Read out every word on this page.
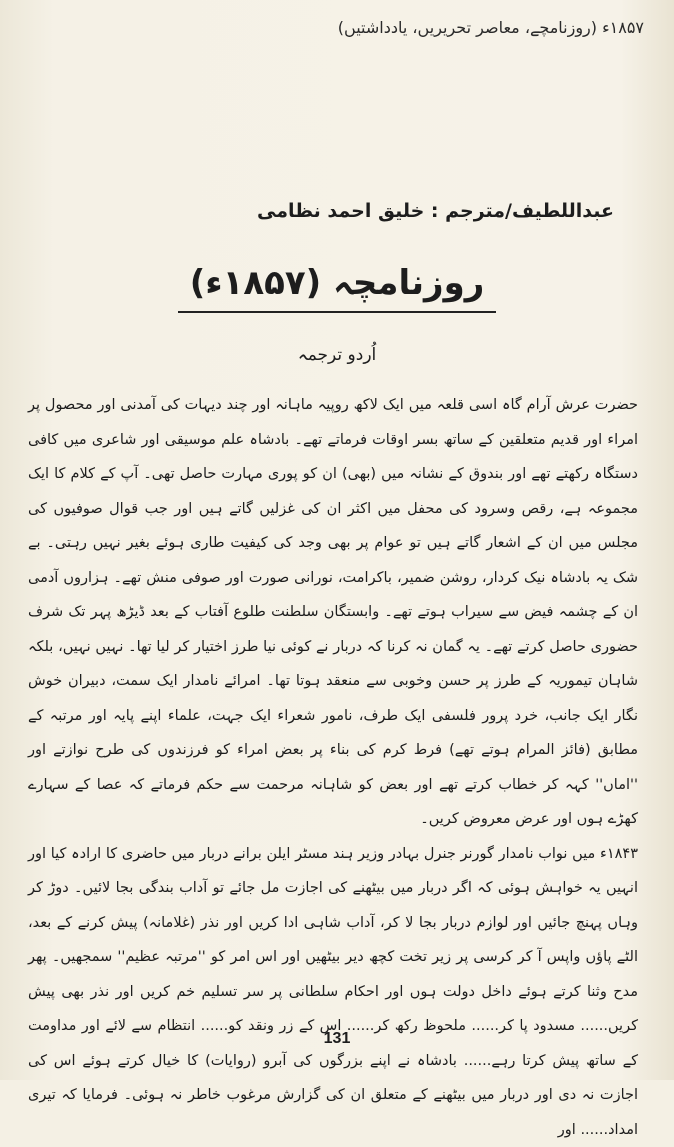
۱۸۵۷ء (روزنامچے، معاصر تحریریں، یادداشتیں)
عبداللطیف/مترجم : خلیق احمد نظامی
روزنامچہ (۱۸۵۷ء)
اُردو ترجمہ

حضرت عرش آرام گاہ اسی قلعہ میں ایک لاکھ روپیہ ماہانہ اور چند دیہات کی آمدنی اور محصول پر امراء اور قدیم متعلقین کے ساتھ بسر اوقات فرماتے تھے۔ بادشاہ علم موسیقی اور شاعری میں کافی دستگاہ رکھتے تھے اور بندوق کے نشانہ میں (بھی) ان کو پوری مہارت حاصل تھی۔ آپ کے کلام کا ایک مجموعہ ہے، رقص وسرود کی محفل میں اکثر ان کی غزلیں گاتے ہیں اور جب قوال صوفیوں کی مجلس میں ان کے اشعار گاتے ہیں تو عوام پر بھی وجد کی کیفیت طاری ہوئے بغیر نہیں رہتی۔ بے شک یہ بادشاہ نیک کردار، روشن ضمیر، باکرامت، نورانی صورت اور صوفی منش تھے۔ ہزاروں آدمی ان کے چشمہ فیض سے سیراب ہوتے تھے۔ وابستگان سلطنت طلوع آفتاب کے بعد ڈیڑھ پہر تک شرف حضوری حاصل کرتے تھے۔ یہ گمان نہ کرنا کہ دربار نے کوئی نیا طرز اختیار کر لیا تھا۔ نہیں نہیں، بلکہ شاہان تیموریہ کے طرز پر حسن وخوبی سے منعقد ہوتا تھا۔ امرائے نامدار ایک سمت، دبیران خوش نگار ایک جانب، خرد پرور فلسفی ایک طرف، نامور شعراء ایک جہت، علماء اپنے پایہ اور مرتبہ کے مطابق (فائز المرام ہوتے تھے) فرط کرم کی بناء پر بعض امراء کو فرزندوں کی طرح نوازتے اور ''اماں'' کہہ کر خطاب کرتے تھے اور بعض کو شاہانہ مرحمت سے حکم فرماتے کہ عصا کے سہارے کھڑے ہوں اور عرض معروض کریں۔

۱۸۴۳ء میں نواب نامدار گورنر جنرل بہادر وزیر ہند مسٹر ایلن برانے دربار میں حاضری کا ارادہ کیا اور انہیں یہ خواہش ہوئی کہ اگر دربار میں بیٹھنے کی اجازت مل جائے تو آداب بندگی بجا لائیں۔ دوڑ کر وہاں پہنچ جائیں اور لوازم دربار بجا لا کر، آداب شاہی ادا کریں اور نذر (غلامانہ) پیش کرنے کے بعد، الٹے پاؤں واپس آ کر کرسی پر زیر تخت کچھ دیر بیٹھیں اور اس امر کو ''مرتبہ عظیم'' سمجھیں۔ پھر مدح وثنا کرتے ہوئے داخل دولت ہوں اور احکام سلطانی پر سر تسلیم خم کریں اور نذر بھی پیش کریں...... مسدود پا کر...... ملحوظ رکھ کر...... اس کے زر ونقد کو...... انتظام سے لائے اور مداومت کے ساتھ پیش کرتا رہے...... بادشاہ نے اپنے بزرگوں کی آبرو (روایات) کا خیال کرتے ہوئے اس کی اجازت نہ دی اور دربار میں بیٹھنے کے متعلق ان کی گزارش مرغوب خاطر نہ ہوئی۔ فرمایا کہ تیری امداد...... اور

131
